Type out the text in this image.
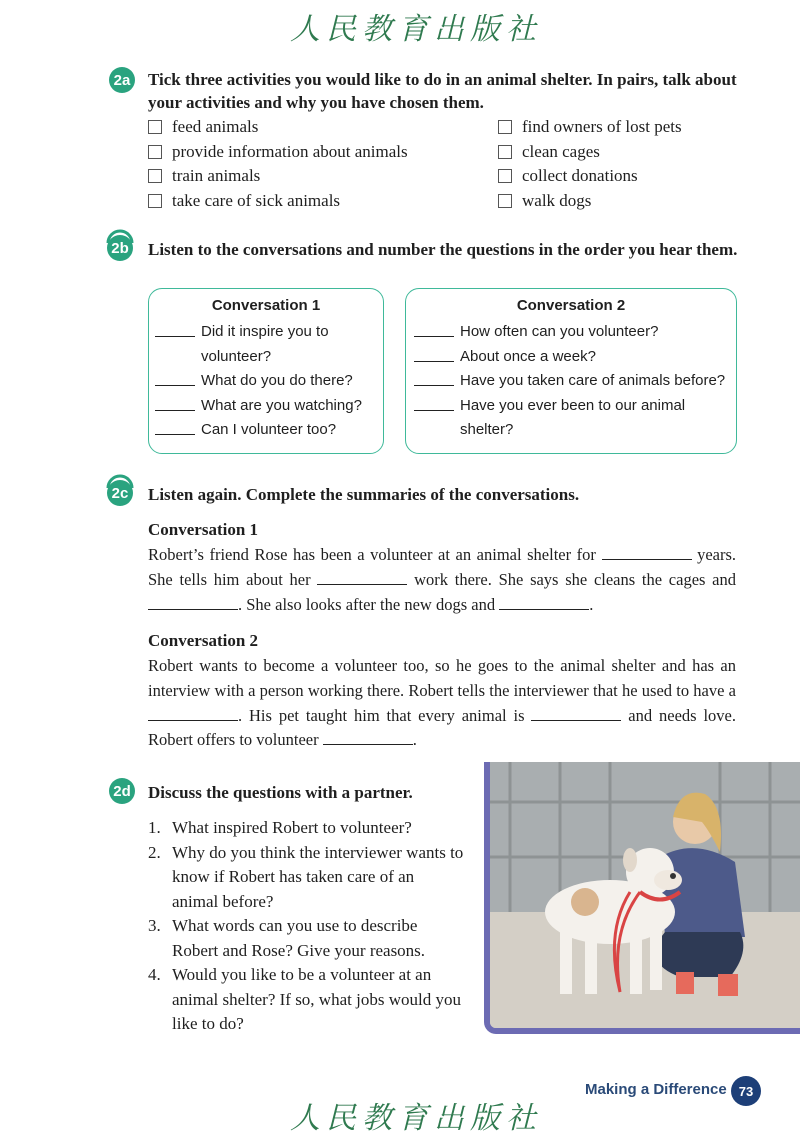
人民教育出版社
2a Tick three activities you would like to do in an animal shelter. In pairs, talk about your activities and why you have chosen them.
feed animals
provide information about animals
train animals
take care of sick animals
find owners of lost pets
clean cages
collect donations
walk dogs
2b Listen to the conversations and number the questions in the order you hear them.
Conversation 1
Did it inspire you to volunteer?
What do you do there?
What are you watching?
Can I volunteer too?
Conversation 2
How often can you volunteer?
About once a week?
Have you taken care of animals before?
Have you ever been to our animal shelter?
2c Listen again. Complete the summaries of the conversations.
Conversation 1
Robert’s friend Rose has been a volunteer at an animal shelter for	years. She tells him about her	work there. She says she cleans the cages and . She also looks after the new dogs and	.
Conversation 2
Robert wants to become a volunteer too, so he goes to the animal shelter and has an interview with a person working there. Robert tells the interviewer that he used to have a . His pet taught him that every animal is	and needs love. Robert offers to volunteer	.
2d Discuss the questions with a partner.
1. What inspired Robert to volunteer?
2. Why do you think the interviewer wants to know if Robert has taken care of an animal before?
3. What words can you use to describe Robert and Rose? Give your reasons.
4. Would you like to be a volunteer at an animal shelter? If so, what jobs would you like to do?
Making a Difference 73
人民教育出版社
